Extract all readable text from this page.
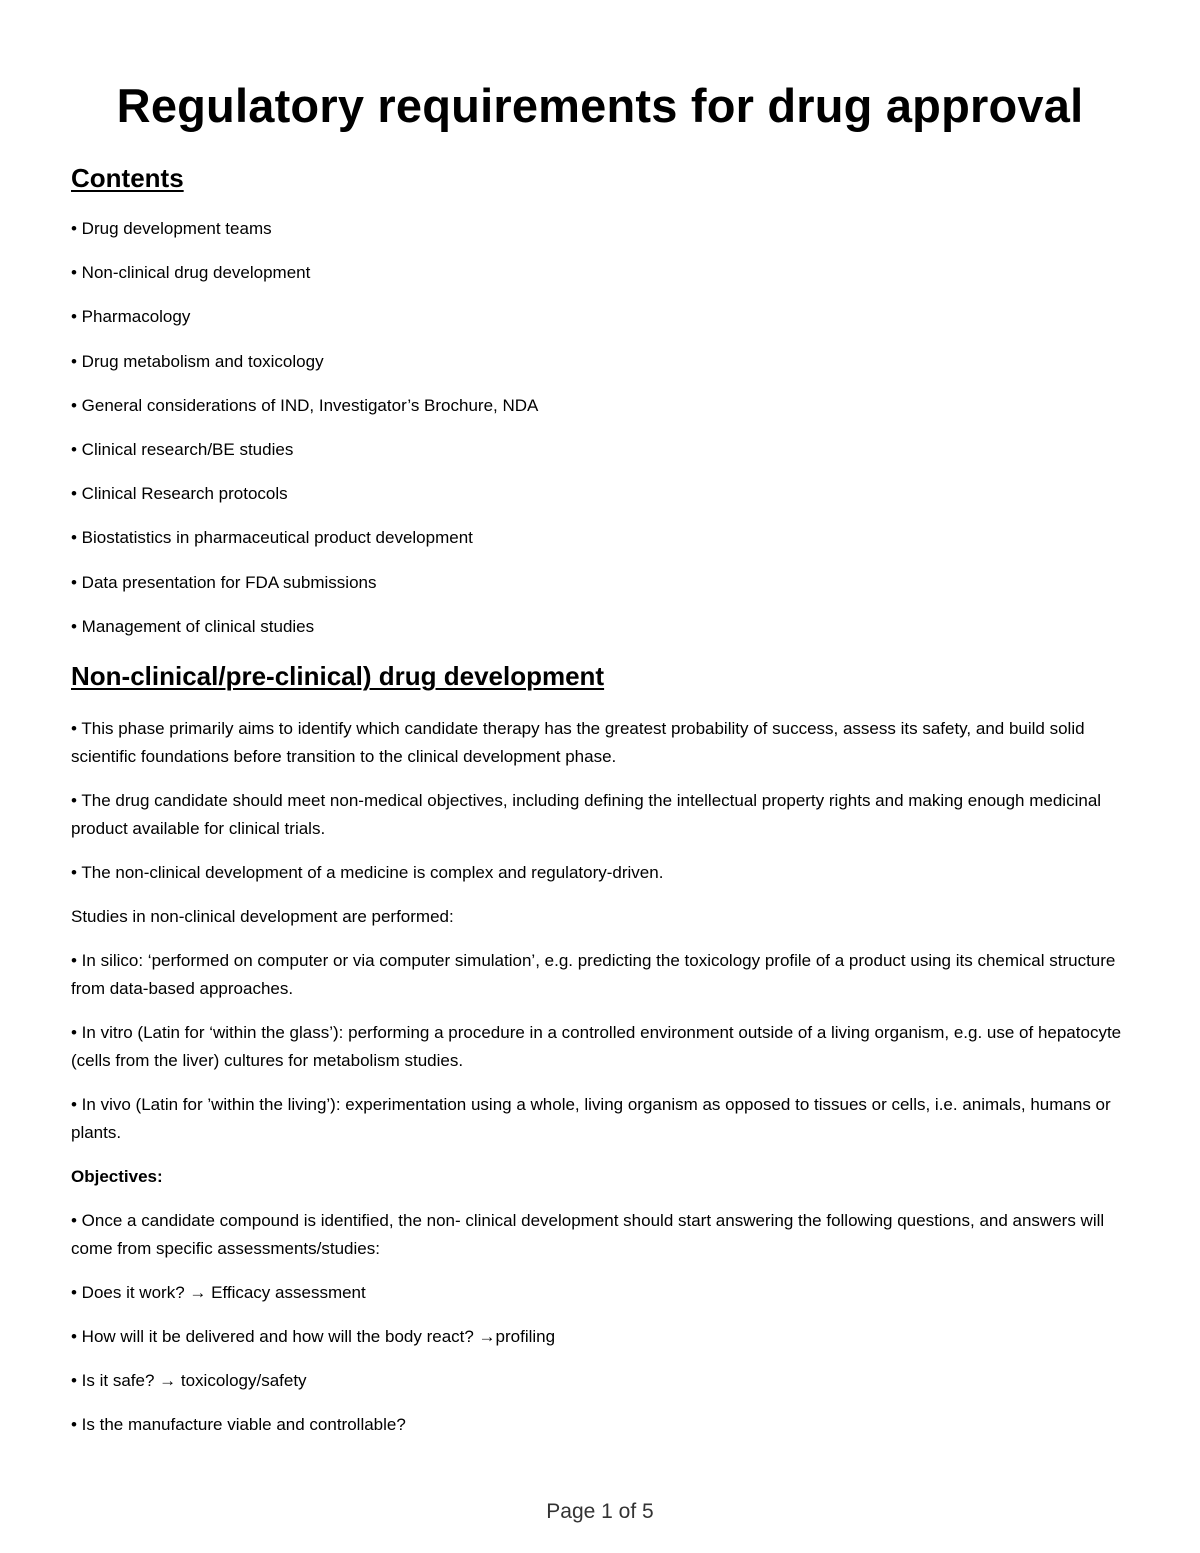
Regulatory requirements for drug approval
Contents
• Drug development teams
• Non-clinical drug development
• Pharmacology
• Drug metabolism and toxicology
• General considerations of IND, Investigator’s Brochure, NDA
• Clinical research/BE studies
• Clinical Research protocols
• Biostatistics in pharmaceutical product development
• Data presentation for FDA submissions
• Management of clinical studies
Non-clinical/pre-clinical) drug development

• This phase primarily aims to identify which candidate therapy has the greatest probability of success, assess its safety, and build solid scientific foundations before transition to the clinical development phase.

• The drug candidate should meet non-medical objectives, including defining the intellectual property rights and making enough medicinal product available for clinical trials.

• The non-clinical development of a medicine is complex and regulatory-driven.

Studies in non-clinical development are performed:

• In silico: ‘performed on computer or via computer simulation’, e.g. predicting the toxicology profile of a product using its chemical structure from data-based approaches.

• In vitro (Latin for ‘within the glass’): performing a procedure in a controlled environment outside of a living organism, e.g. use of hepatocyte (cells from the liver) cultures for metabolism studies.

• In vivo (Latin for ’within the living’): experimentation using a whole, living organism as opposed to tissues or cells, i.e. animals, humans or plants.

Objectives:

• Once a candidate compound is identified, the non- clinical development should start answering the following questions, and answers will come from specific assessments/studies:

• Does it work? → Efficacy assessment

• How will it be delivered and how will the body react? →profiling

• Is it safe? → toxicology/safety

• Is the manufacture viable and controllable?

Page 1 of 5
